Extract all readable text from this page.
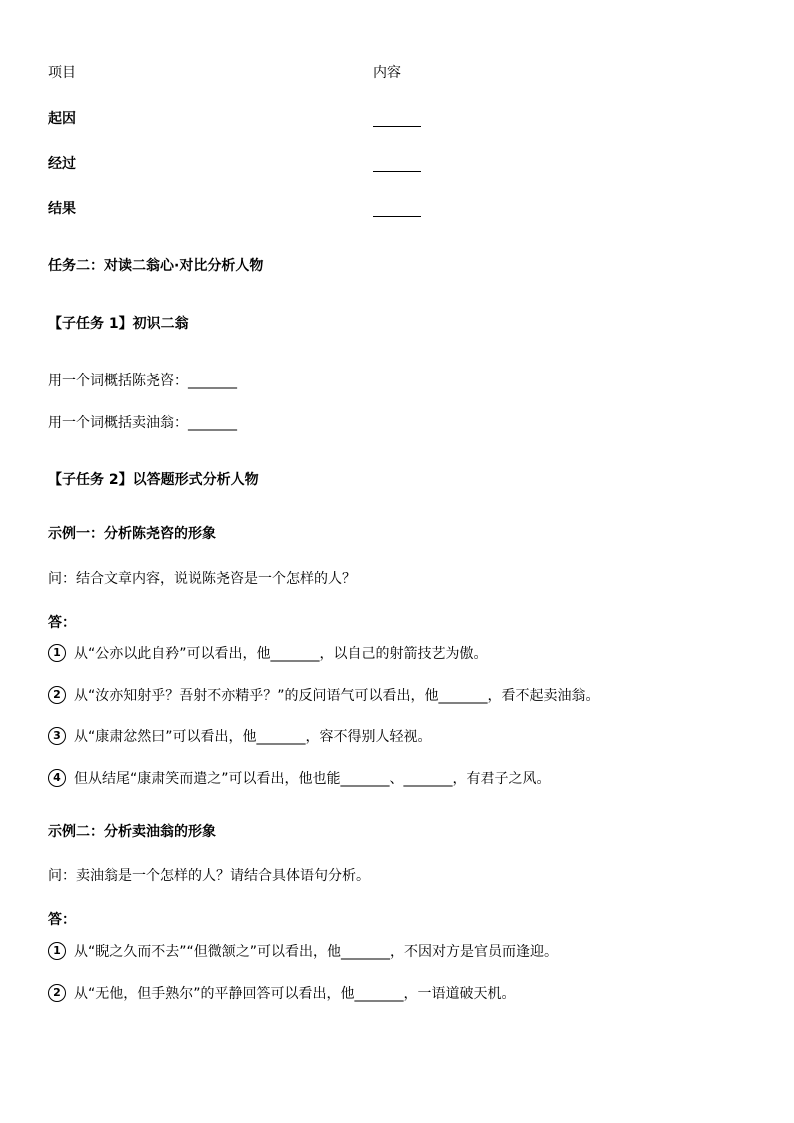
项目	内容
起因
经过
结果
任务二：对读二翁心·对比分析人物
【子任务 1】初识二翁
用一个词概括陈尧咨：_______
用一个词概括卖油翁：_______
【子任务 2】以答题形式分析人物
示例一：分析陈尧咨的形象
问：结合文章内容，说说陈尧咨是一个怎样的人？
答：
1 从“公亦以此自矜”可以看出，他_______，以自己的射箭技艺为傲。
2 从“汝亦知射乎？吾射不亦精乎？”的反问语气可以看出，他_______，看不起卖油翁。
3 从“康肃忿然曰”可以看出，他_______，容不得别人轻视。
4 但从结尾“康肃笑而遣之”可以看出，他也能_______、_______，有君子之风。
示例二：分析卖油翁的形象
问：卖油翁是一个怎样的人？请结合具体语句分析。
答：
1 从“睨之久而不去”“但微颔之”可以看出，他_______，不因对方是官员而逢迎。
2 从“无他，但手熟尔”的平静回答可以看出，他_______，一语道破天机。
